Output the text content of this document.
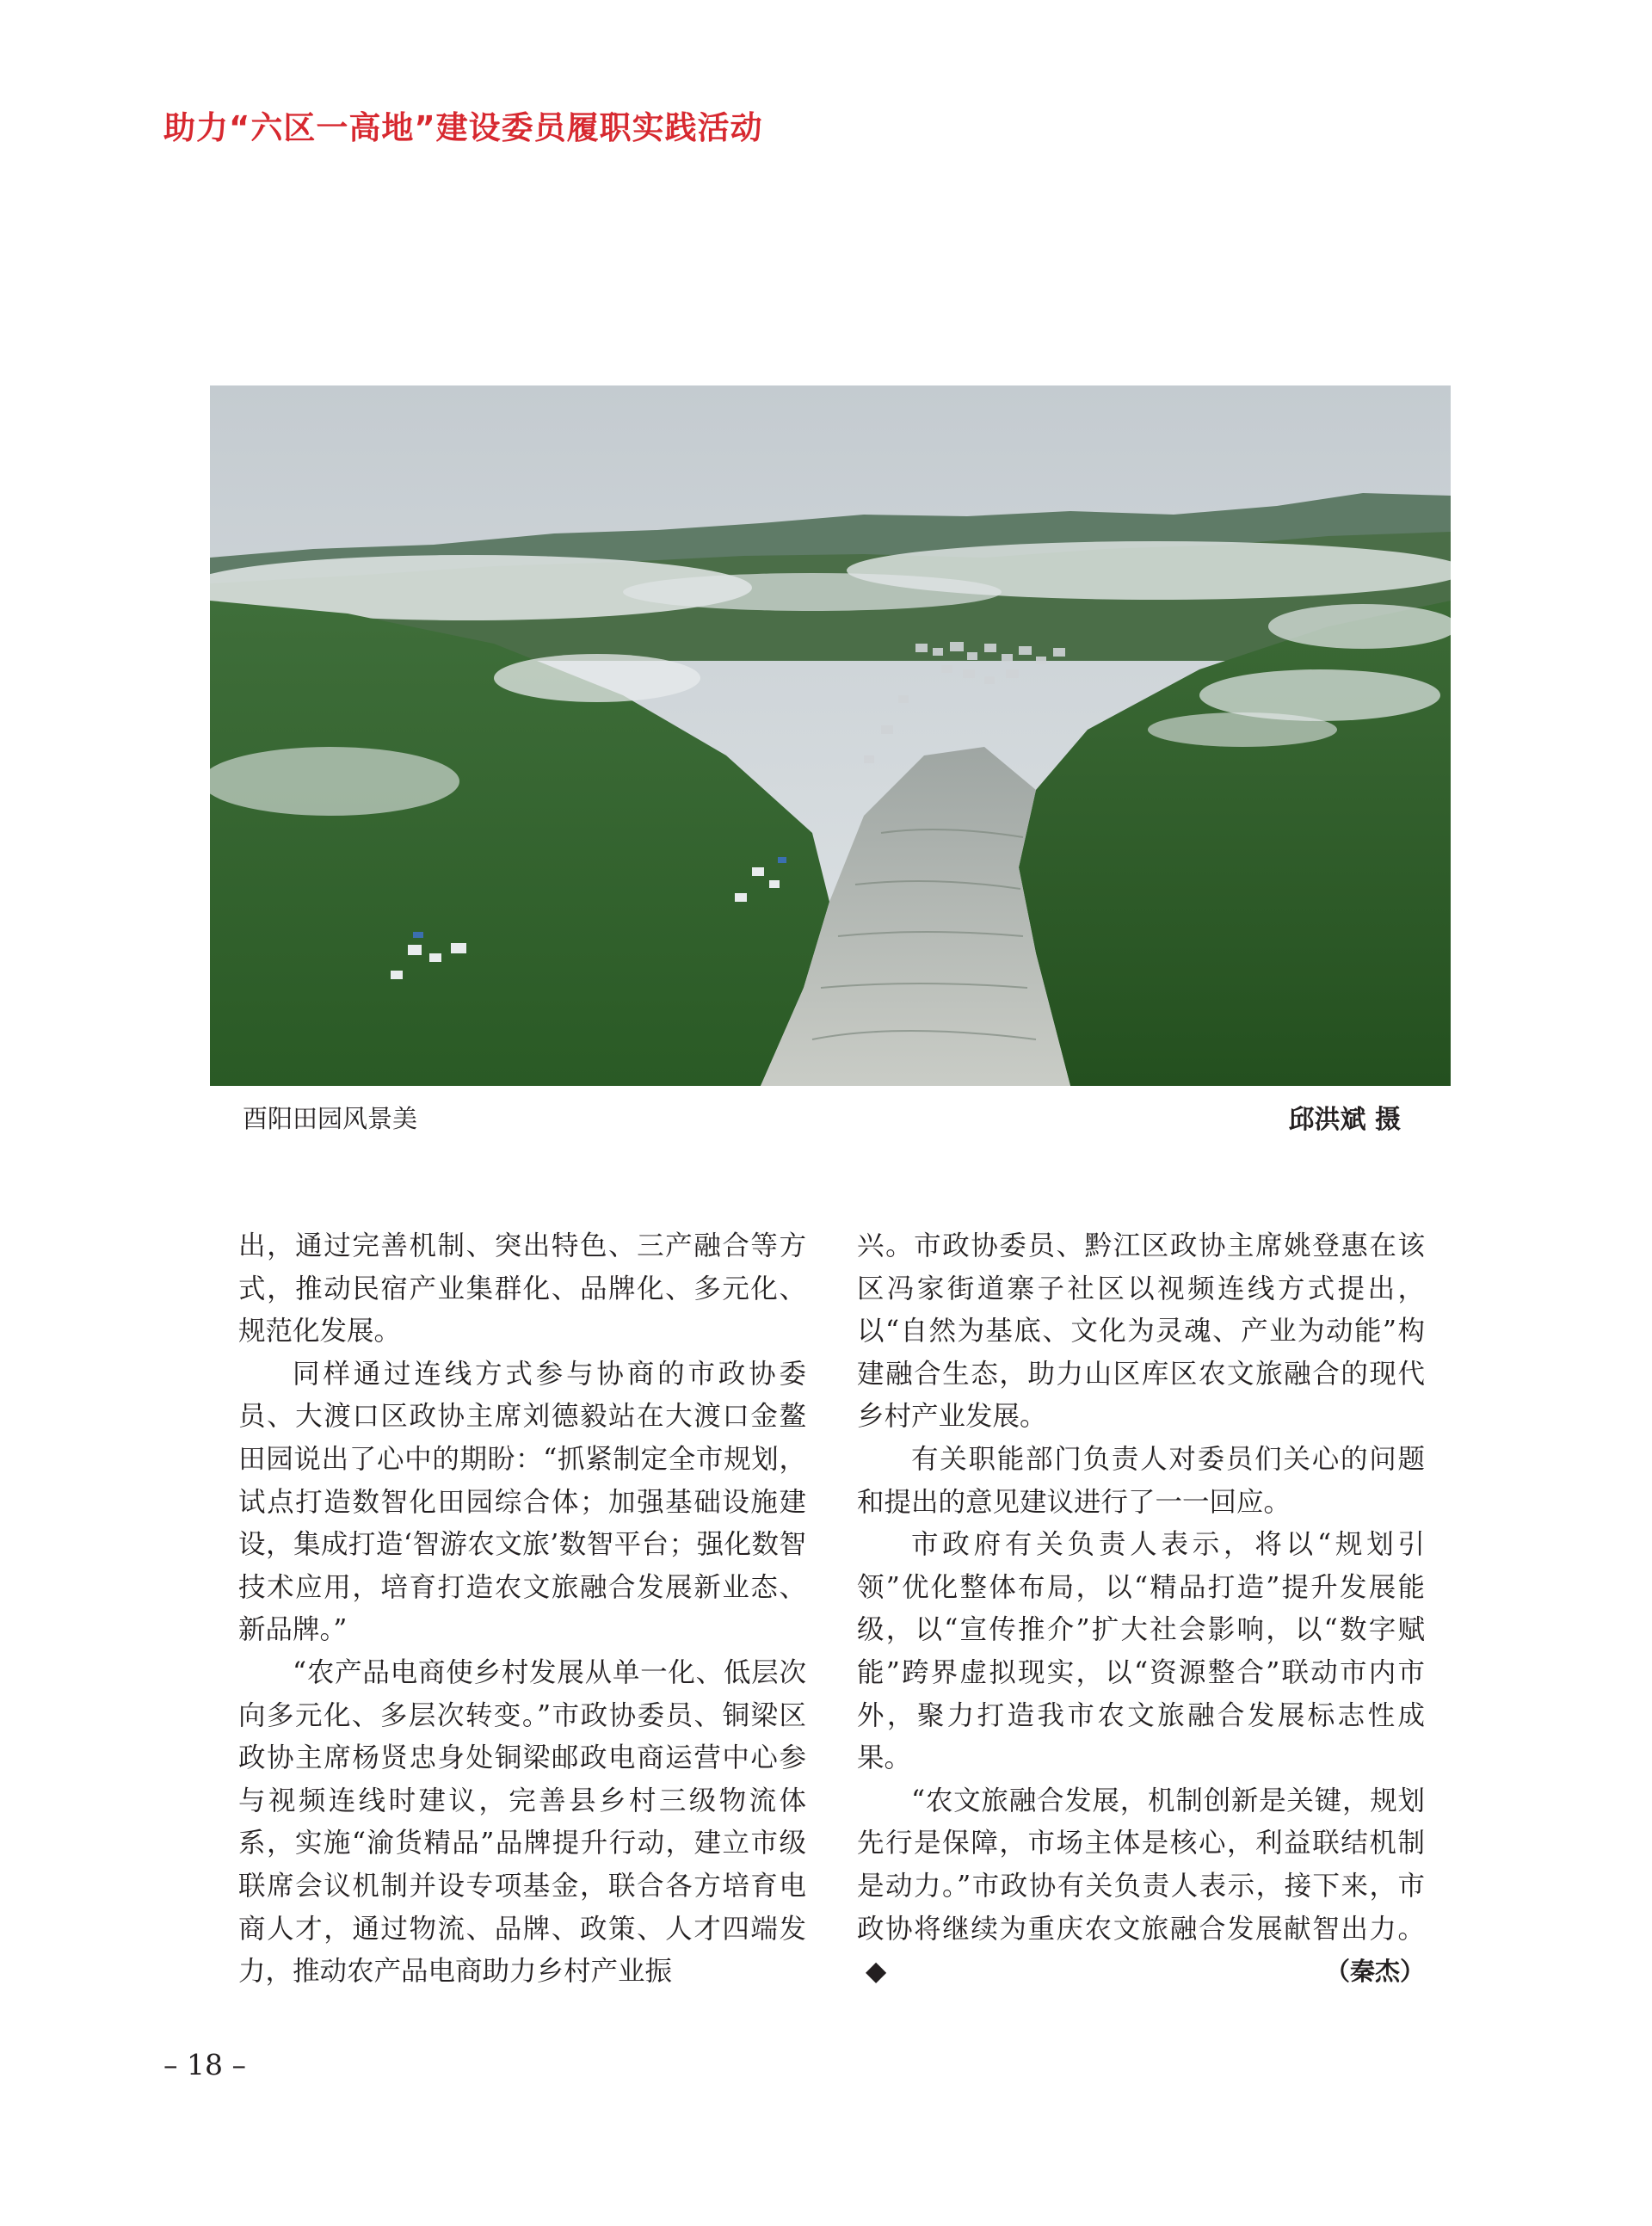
助力“六区一高地”建设委员履职实践活动
酉阳田园风景美	邱洪斌 摄

出，通过完善机制、突出特色、三产融合等方式，推动民宿产业集群化、品牌化、多元化、规范化发展。

同样通过连线方式参与协商的市政协委员、大渡口区政协主席刘德毅站在大渡口金鳌田园说出了心中的期盼：“抓紧制定全市规划，试点打造数智化田园综合体；加强基础设施建设，集成打造‘智游农文旅’数智平台；强化数智技术应用，培育打造农文旅融合发展新业态、新品牌。”

“农产品电商使乡村发展从单一化、低层次向多元化、多层次转变。”市政协委员、铜梁区政协主席杨贤忠身处铜梁邮政电商运营中心参与视频连线时建议，完善县乡村三级物流体系，实施“渝货精品”品牌提升行动，建立市级联席会议机制并设专项基金，联合各方培育电商人才，通过物流、品牌、政策、人才四端发力，推动农产品电商助力乡村产业振

兴。市政协委员、黔江区政协主席姚登惠在该区冯家街道寨子社区以视频连线方式提出，以“自然为基底、文化为灵魂、产业为动能”构建融合生态，助力山区库区农文旅融合的现代乡村产业发展。

有关职能部门负责人对委员们关心的问题和提出的意见建议进行了一一回应。

市政府有关负责人表示，将以“规划引领”优化整体布局，以“精品打造”提升发展能级，以“宣传推介”扩大社会影响，以“数字赋能”跨界虚拟现实，以“资源整合”联动市内市外，聚力打造我市农文旅融合发展标志性成果。

“农文旅融合发展，机制创新是关键，规划先行是保障，市场主体是核心，利益联结机制是动力。”市政协有关负责人表示，接下来，市政协将继续为重庆农文旅融合发展献智出力。◆	（秦杰）

– 18 –
